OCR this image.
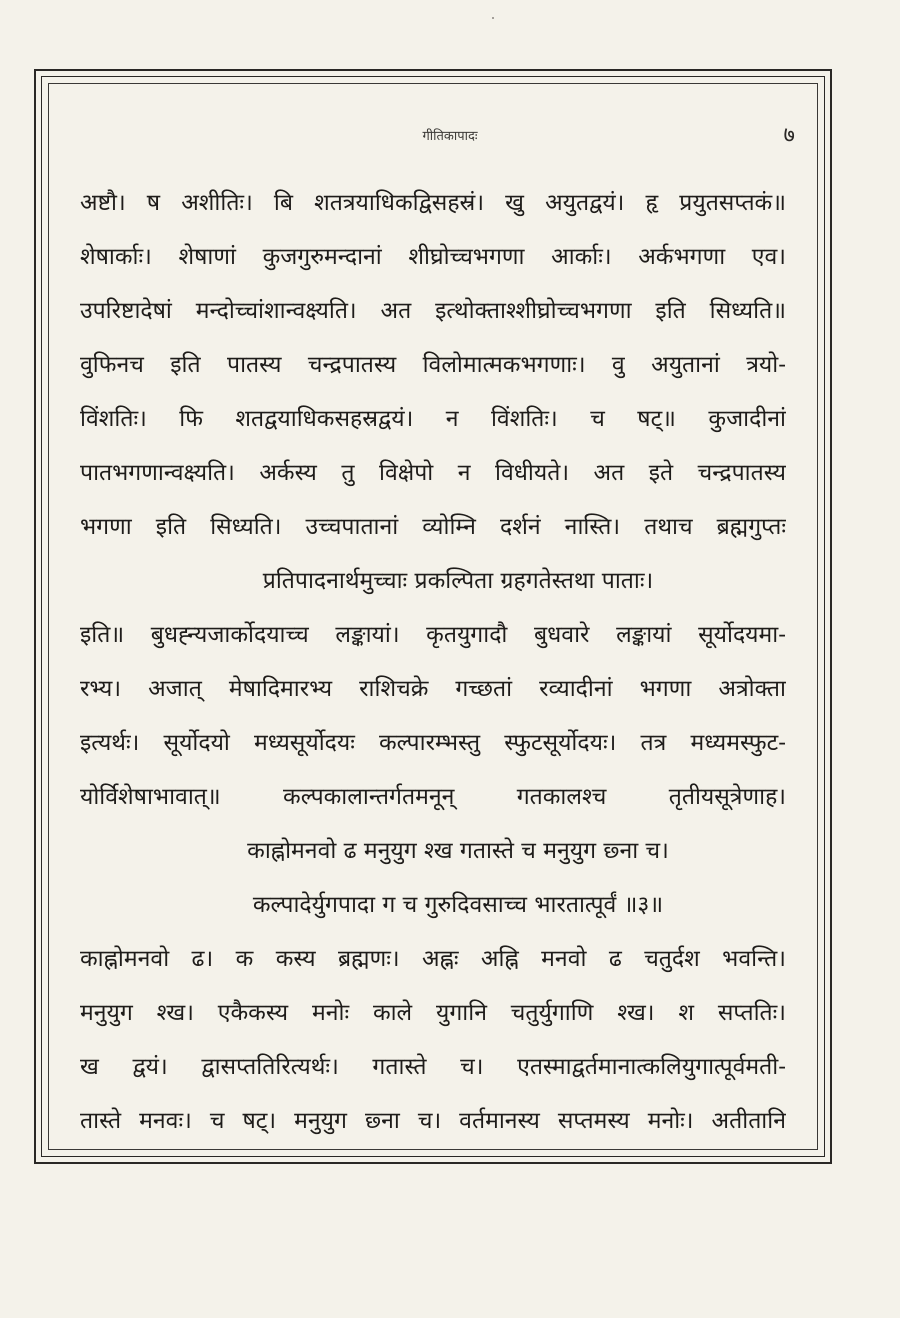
गीतिकापादः	७
अष्टौ। ष अशीतिः। बि शतत्रयाधिकद्विसहस्रं। खु अयुतद्वयं। हृ प्रयुतसप्तकं॥
शेषार्काः। शेषाणां कुजगुरुमन्दानां शीघ्रोच्चभगणा आर्काः। अर्कभगणा एव।
उपरिष्टादेषां मन्दोच्चांशान्वक्ष्यति। अत इत्थोक्ताश्शीघ्रोच्चभगणा इति सिध्यति॥
वुफिनच इति पातस्य चन्द्रपातस्य विलोमात्मकभगणाः। वु अयुतानां त्रयो-
विंशतिः। फि शतद्वयाधिकसहस्रद्वयं। न विंशतिः। च षट्॥ कुजादीनां
पातभगणान्वक्ष्यति। अर्कस्य तु विक्षेपो न विधीयते। अत इते चन्द्रपातस्य
भगणा इति सिध्यति। उच्चपातानां व्योम्नि दर्शनं नास्ति। तथाच ब्रह्मगुप्तः
प्रतिपादनार्थमुच्चाः प्रकल्पिता ग्रहगतेस्तथा पाताः।
इति॥ बुधह्न्यजार्कोदयाच्च लङ्कायां। कृतयुगादौ बुधवारे लङ्कायां सूर्योदयमा-
रभ्य। अजात् मेषादिमारभ्य राशिचक्रे गच्छतां रव्यादीनां भगणा अत्रोक्ता
इत्यर्थः। सूर्योदयो मध्यसूर्योदयः कल्पारम्भस्तु स्फुटसूर्योदयः। तत्र मध्यमस्फुट-
योर्विशेषाभावात्॥ कल्पकालान्तर्गतमनून् गतकालश्च तृतीयसूत्रेणाह।
काह्नोमनवो ढ मनुयुग श्ख गतास्ते च मनुयुग छ्ना च।
कल्पादेर्युगपादा ग च गुरुदिवसाच्च भारतात्पूर्वं ॥३॥
काह्नोमनवो ढ। क कस्य ब्रह्मणः। अह्नः अह्नि मनवो ढ चतुर्दश भवन्ति।
मनुयुग श्ख। एकैकस्य मनोः काले युगानि चतुर्युगाणि श्ख। श सप्ततिः।
ख द्वयं। द्वासप्ततिरित्यर्थः। गतास्ते च। एतस्माद्वर्तमानात्कलियुगात्पूर्वमती-
तास्ते मनवः। च षट्। मनुयुग छ्ना च। वर्तमानस्य सप्तमस्य मनोः। अतीतानि
